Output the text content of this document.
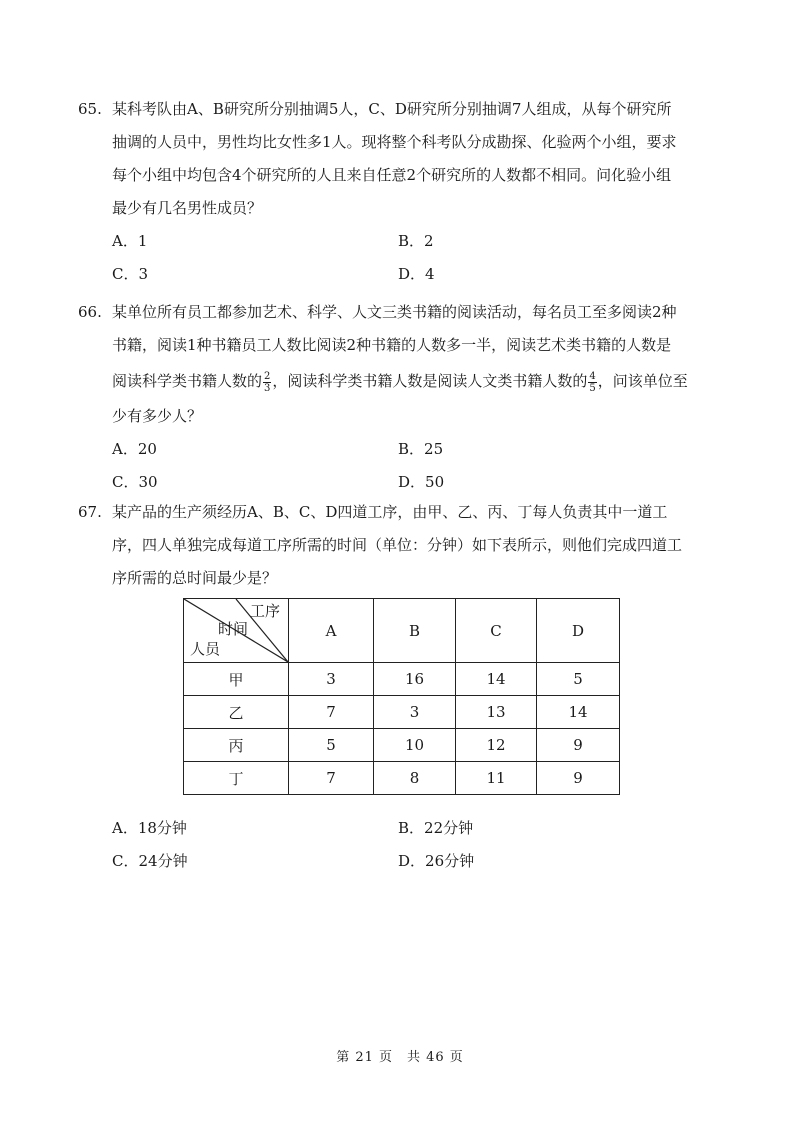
65. 某科考队由A、B研究所分别抽调5人，C、D研究所分别抽调7人组成，从每个研究所
抽调的人员中，男性均比女性多1人。现将整个科考队分成勘探、化验两个小组，要求
每个小组中均包含4个研究所的人且来自任意2个研究所的人数都不相同。问化验小组
最少有几名男性成员？
A．1	B．2
C．3	D．4
66. 某单位所有员工都参加艺术、科学、人文三类书籍的阅读活动，每名员工至多阅读2种
书籍，阅读1种书籍员工人数比阅读2种书籍的人数多一半，阅读艺术类书籍的人数是
阅读科学类书籍人数的 $\frac{2}{3}$ ，阅读科学类书籍人数是阅读人文类书籍人数的 $\frac{4}{5}$ ，问该单位至
少有多少人？
A．20	B．25
C．30	D．50
67. 某产品的生产须经历A、B、C、D四道工序，由甲、乙、丙、丁每人负责其中一道工
序，四人单独完成每道工序所需的时间（单位：分钟）如下表所示，则他们完成四道工
序所需的总时间最少是？
工序
时间
人员	A	B	C	D
甲	3	16	14	5
乙	7	3	13	14
丙	5	10	12	9
丁	7	8	11	9
A．18分钟	B．22分钟
C．24分钟	D．26分钟
第 21 页　共 46 页
